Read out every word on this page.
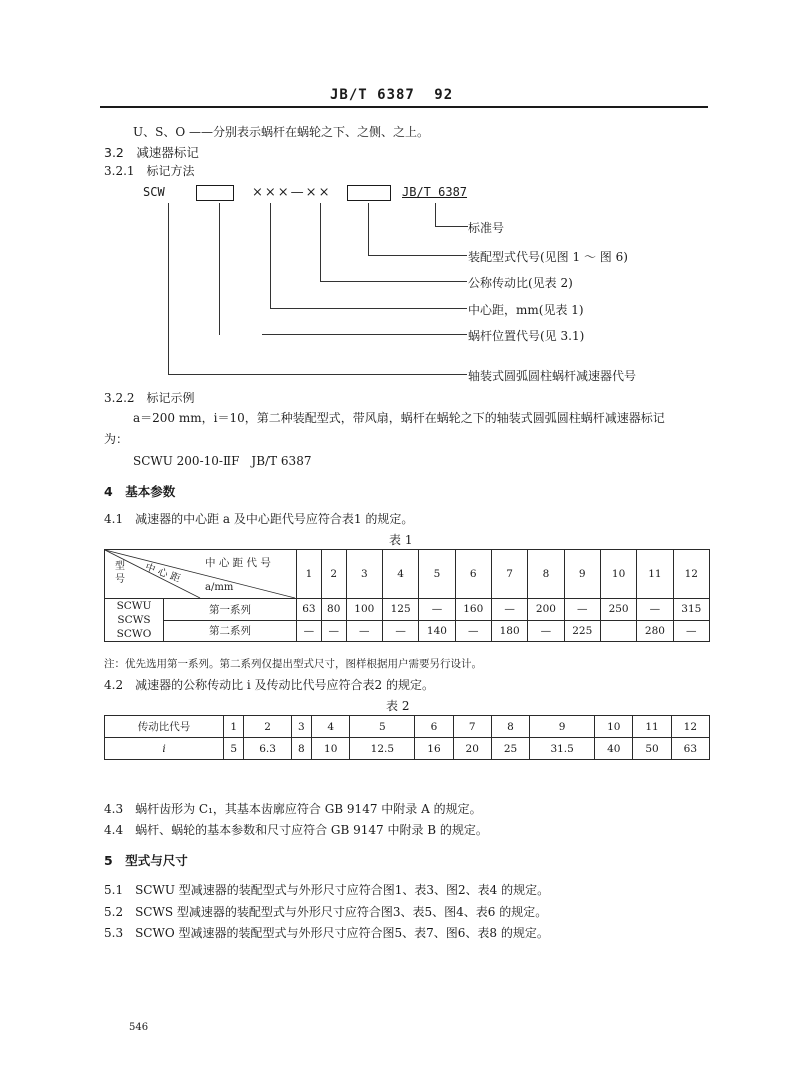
JB/T 6387 92
U、S、O ——分别表示蜗杆在蜗轮之下、之侧、之上。
3.2　减速器标记
3.2.1　标记方法
SCW	×××—××	JB/T 6387
标准号
装配型式代号(见图 1 ～ 图 6)
公称传动比(见表 2)
中心距，mm(见表 1)
蜗杆位置代号(见 3.1)
轴装式圆弧圆柱蜗杆减速器代号
3.2.2　标记示例
a＝200 mm，i＝10，第二种装配型式，带风扇，蜗杆在蜗轮之下的轴装式圆弧圆柱蜗杆减速器标记
为：
SCWU 200-10-ⅡF　JB/T 6387
4　基本参数
4.1　减速器的中心距 a 及中心距代号应符合表1 的规定。
表 1
中 心 距 代 号
中 心 距
a/mm
型
号		1	2	3	4	5	6	7	8	9	10	11	12

SCWU
SCWS
SCWO	第一系列	63	80	100	125	—	160	—	200	—	250	—	315
	第二系列	—	—	—	—	140	—	180	—	225		280	—
注：优先选用第一系列。第二系列仅提出型式尺寸，图样根据用户需要另行设计。
4.2　减速器的公称传动比 i 及传动比代号应符合表2 的规定。
表 2
传动比代号	1	2	3	4	5	6	7	8	9	10	11	12
i	5	6.3	8	10	12.5	16	20	25	31.5	40	50	63
4.3　蜗杆齿形为 C₁，其基本齿廓应符合 GB 9147 中附录 A 的规定。
4.4　蜗杆、蜗轮的基本参数和尺寸应符合 GB 9147 中附录 B 的规定。
5　型式与尺寸
5.1　SCWU 型减速器的装配型式与外形尺寸应符合图1、表3、图2、表4 的规定。
5.2　SCWS 型减速器的装配型式与外形尺寸应符合图3、表5、图4、表6 的规定。
5.3　SCWO 型减速器的装配型式与外形尺寸应符合图5、表7、图6、表8 的规定。
546
